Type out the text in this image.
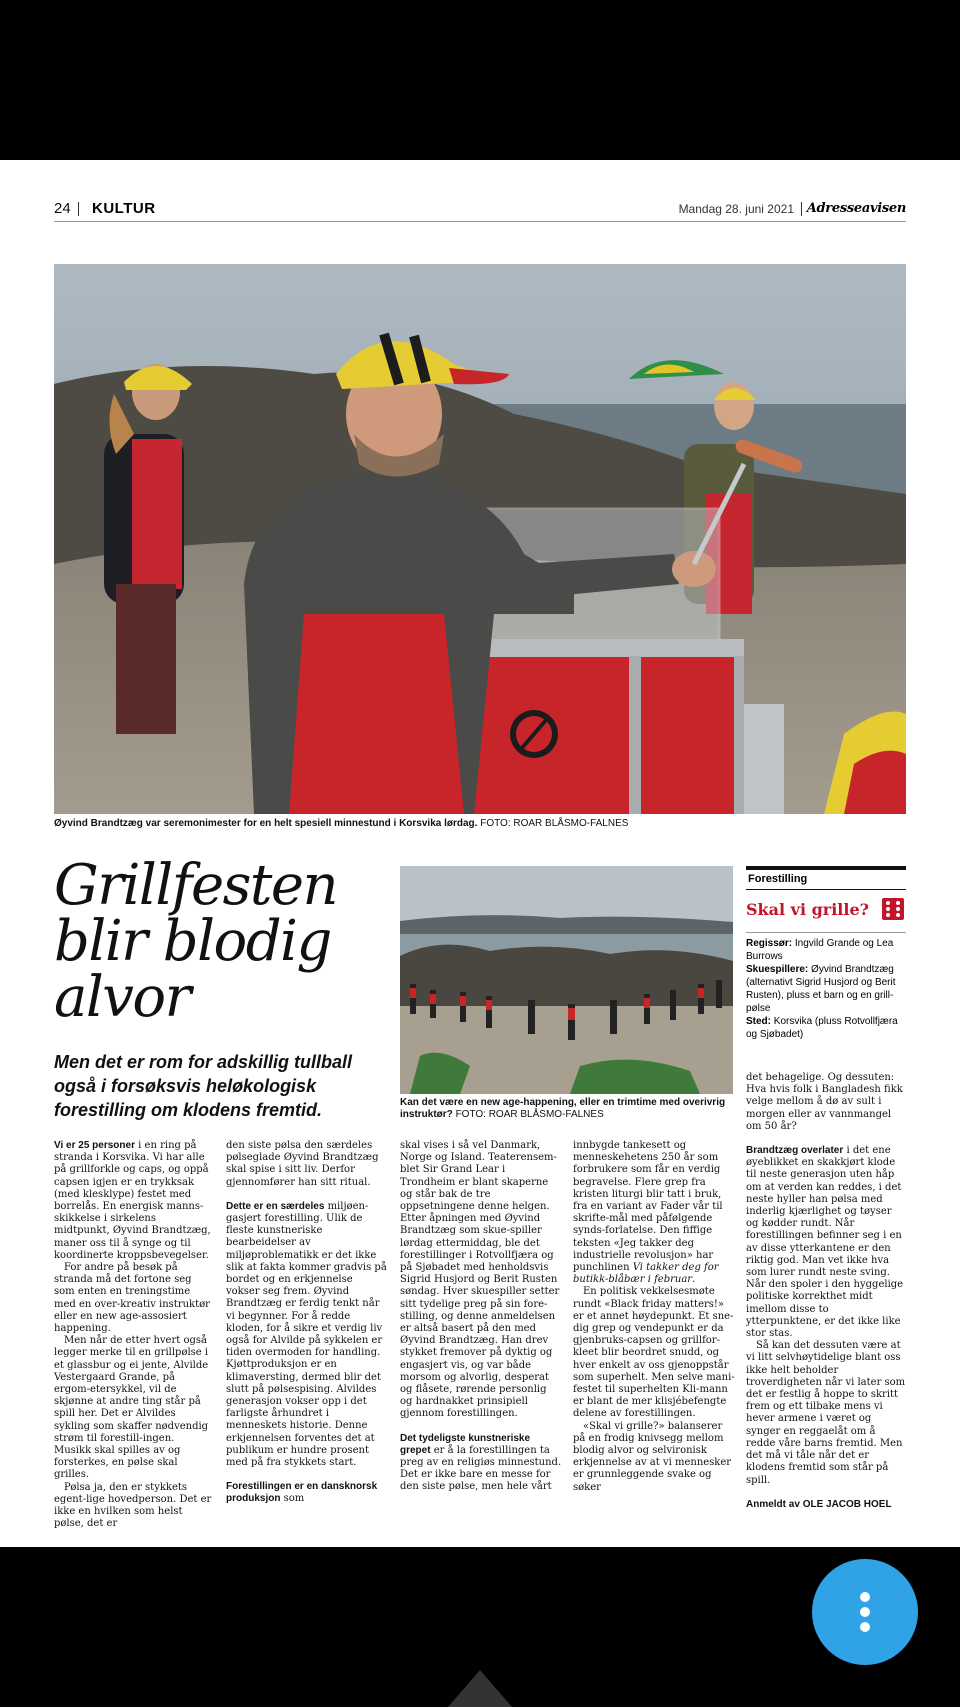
24 KULTUR	Mandag 28. juni 2021 Adresseavisen
Øyvind Brandtzæg var seremonimester for en helt spesiell minnestund i Korsvika lørdag. FOTO: ROAR BLÅSMO-FALNES
Grillfesten
blir blodig
alvor
Men det er rom for adskillig tullball også i forsøksvis heløkologisk forestilling om klodens fremtid.	Kan det være en new age-happening, eller en trimtime med overivrig instruktør? FOTO: ROAR BLÅSMO-FALNES
Forestilling
Skal vi grille?
Regissør: Ingvild Grande og Lea Burrows
Skuespillere: Øyvind Brandtzæg (alternativt Sigrid Husjord og Berit Rusten), pluss et barn og en grill-pølse
Sted: Korsvika (pluss Rotvollfjæra og Sjøbadet)

Vi er 25 personer i en ring på stranda i Korsvika. Vi har alle på grillforkle og caps, og oppå capsen igjen er en trykksak (med klesklype) festet med borrelås. En energisk manns-skikkelse i sirkelens midtpunkt, Øyvind Brandtzæg, maner oss til å synge og til koordinerte kroppsbevegelser.

For andre på besøk på stranda må det fortone seg som enten en treningstime med en over-kreativ instruktør eller en new age-assosiert happening.

Men når de etter hvert også legger merke til en grillpølse i et glassbur og ei jente, Alvilde Vestergaard Grande, på ergom-etersykkel, vil de skjønne at andre ting står på spill her. Det er Alvildes sykling som skaffer nødvendig strøm til forestill-ingen. Musikk skal spilles av og forsterkes, en pølse skal grilles.

Pølsa ja, den er stykkets egent-lige hovedperson. Det er ikke en hvilken som helst pølse, det er

den siste pølsa den særdeles pølseglade Øyvind Brandtzæg skal spise i sitt liv. Derfor gjennomfører han sitt ritual.

Dette er en særdeles miljøen-gasjert forestilling. Ulik de fleste kunstneriske bearbeidelser av miljøproblematikk er det ikke slik at fakta kommer gradvis på bordet og en erkjennelse vokser seg frem. Øyvind Brandtzæg er ferdig tenkt når vi begynner. For å redde kloden, for å sikre et verdig liv også for Alvilde på sykkelen er tiden overmoden for handling. Kjøttproduksjon er en klimaversting, dermed blir det slutt på pølsespising. Alvildes generasjon vokser opp i det farligste århundret i menneskets historie. Denne erkjennelsen forventes det at publikum er hundre prosent med på fra stykkets start.

Forestillingen er en dansknorsk produksjon som

skal vises i så vel Danmark, Norge og Island. Teaterensem-blet Sir Grand Lear i Trondheim er blant skaperne og står bak de tre oppsetningene denne helgen. Etter åpningen med Øyvind Brandtzæg som skue-spiller lørdag ettermiddag, ble det forestillinger i Rotvollfjæra og på Sjøbadet med henholdsvis Sigrid Husjord og Berit Rusten søndag. Hver skuespiller setter sitt tydelige preg på sin fore-stilling, og denne anmeldelsen er altså basert på den med Øyvind Brandtzæg. Han drev stykket fremover på dyktig og engasjert vis, og var både morsom og alvorlig, desperat og flåsete, rørende personlig og hardnakket prinsipiell gjennom forestillingen.

Det tydeligste kunstneriske grepet er å la forestillingen ta preg av en religiøs minnestund. Det er ikke bare en messe for den siste pølse, men hele vårt

innbygde tankesett og menneskehetens 250 år som forbrukere som får en verdig begravelse. Flere grep fra kristen liturgi blir tatt i bruk, fra en variant av Fader vår til skrifte-mål med påfølgende synds-forlatelse. Den fiffige teksten «Jeg takker deg industrielle revolusjon» har punchlinen Vi takker deg for butikk-blåbær i februar.

En politisk vekkelsesmøte rundt «Black friday matters!» er et annet høydepunkt. Et sne-dig grep og vendepunkt er da gjenbruks-capsen og grillfor-kleet blir beordret snudd, og hver enkelt av oss gjenoppstår som superhelt. Men selve mani-festet til superhelten Kli-mann er blant de mer klisjébefengte delene av forestillingen.

«Skal vi grille?» balanserer på en frodig knivsegg mellom blodig alvor og selvironisk erkjennelse av at vi mennesker er grunnleggende svake og søker

det behagelige. Og dessuten: Hva hvis folk i Bangladesh fikk velge mellom å dø av sult i morgen eller av vannmangel om 50 år?

Brandtzæg overlater i det ene øyeblikket en skakkjørt klode til neste generasjon uten håp om at verden kan reddes, i det neste hyller han pølsa med inderlig kjærlighet og tøyser og kødder rundt. Når forestillingen befinner seg i en av disse ytterkantene er den riktig god. Man vet ikke hva som lurer rundt neste sving. Når den spoler i den hyggelige politiske korrekthet midt imellom disse to ytterpunktene, er det ikke like stor stas.

Så kan det dessuten være at vi litt selvhøytidelige blant oss ikke helt beholder troverdigheten når vi later som det er festlig å hoppe to skritt frem og ett tilbake mens vi hever armene i været og synger en reggaelåt om å redde våre barns fremtid. Men det må vi tåle når det er klodens fremtid som står på spill.

Anmeldt av OLE JACOB HOEL
